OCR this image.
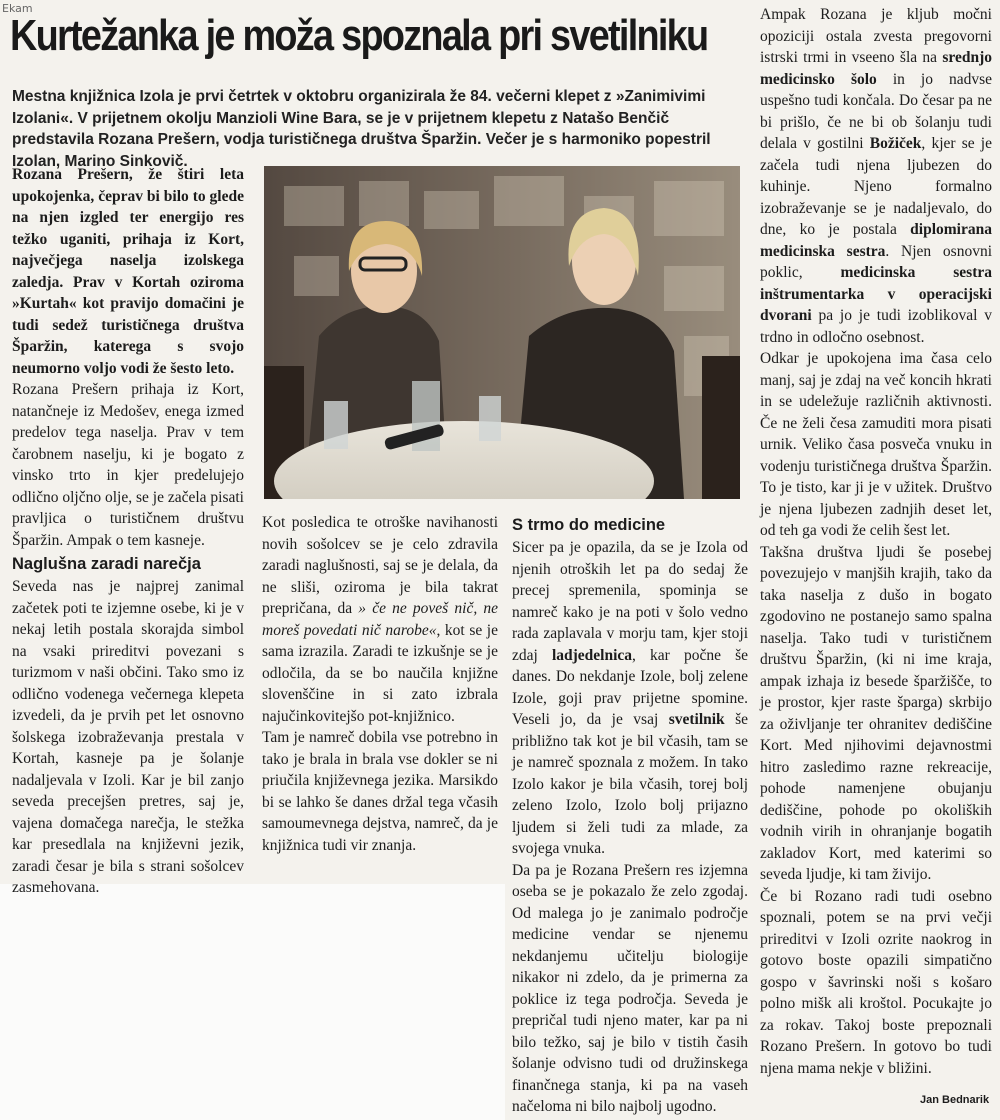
Ekam
Kurtežanka je moža spoznala pri svetilniku
Mestna knjižnica Izola je prvi četrtek v oktobru organizirala že 84. večerni klepet z »Zanimivimi Izolani«. V prijetnem okolju Manzioli Wine Bara, se je v prijetnem klepetu z Natašo Benčič predstavila Rozana Prešern, vodja turističnega društva Šparžin. Večer je s harmoniko popestril Izolan, Marino Sinkovič.

Rozana Prešern, že štiri leta upokojenka, čeprav bi bilo to glede na njen izgled ter energijo res težko uganiti, prihaja iz Kort, največjega naselja izolskega zaledja. Prav v Kortah oziroma »Kurtah« kot pravijo domačini je tudi sedež turističnega društva Šparžin, katerega s svojo neumorno voljo vodi že šesto leto.

Rozana Prešern prihaja iz Kort, natančneje iz Medošev, enega izmed predelov tega naselja. Prav v tem čarobnem naselju, ki je bogato z vinsko trto in kjer predelujejo odlično oljčno olje, se je začela pisati pravljica o turističnem društvu Šparžin. Ampak o tem kasneje.

Naglušna zaradi narečja

Seveda nas je najprej zanimal začetek poti te izjemne osebe, ki je v nekaj letih postala skorajda simbol na vsaki prireditvi povezani s turizmom v naši občini. Tako smo iz odlično vodenega večernega klepeta izvedeli, da je prvih pet let osnovno šolskega izobraževanja prestala v Kortah, kasneje pa je šolanje nadaljevala v Izoli. Kar je bil zanjo seveda precejšen pretres, saj je, vajena domačega narečja, le stežka kar presedlala na književni jezik, zaradi česar je bila s strani sošolcev zasmehovana.

Kot posledica te otroške navihanosti novih sošolcev se je celo zdravila zaradi naglušnosti, saj se je delala, da ne sliši, oziroma je bila takrat prepričana, da » če ne poveš nič, ne moreš povedati nič narobe«, kot se je sama izrazila. Zaradi te izkušnje se je odločila, da se bo naučila knjižne slovenščine in si zato izbrala najučinkovitejšo pot-knjižnico.

Tam je namreč dobila vse potrebno in tako je brala in brala vse dokler se ni priučila književnega jezika. Marsikdo bi se lahko še danes držal tega včasih samoumevnega dejstva, namreč, da je knjižnica tudi vir znanja.

S trmo do medicine

Sicer pa je opazila, da se je Izola od njenih otroških let pa do sedaj že precej spremenila, spominja se namreč kako je na poti v šolo vedno rada zaplavala v morju tam, kjer stoji zdaj ladjedelnica, kar počne še danes. Do nekdanje Izole, bolj zelene Izole, goji prav prijetne spomine. Veseli jo, da je vsaj svetilnik še približno tak kot je bil včasih, tam se je namreč spoznala z možem. In tako Izolo kakor je bila včasih, torej bolj zeleno Izolo, Izolo bolj prijazno ljudem si želi tudi za mlade, za svojega vnuka.

Da pa je Rozana Prešern res izjemna oseba se je pokazalo že zelo zgodaj. Od malega jo je zanimalo področje medicine vendar se njenemu nekdanjemu učitelju biologije nikakor ni zdelo, da je primerna za poklice iz tega področja. Seveda je prepričal tudi njeno mater, kar pa ni bilo težko, saj je bilo v tistih časih šolanje odvisno tudi od družinskega finančnega stanja, ki pa na vaseh načeloma ni bilo najbolj ugodno.

Ampak Rozana je kljub močni opoziciji ostala zvesta pregovorni istrski trmi in vseeno šla na srednjo medicinsko šolo in jo nadvse uspešno tudi končala. Do česar pa ne bi prišlo, če ne bi ob šolanju tudi delala v gostilni Božiček, kjer se je začela tudi njena ljubezen do kuhinje. Njeno formalno izobraževanje se je nadaljevalo, do dne, ko je postala diplomirana medicinska sestra. Njen osnovni poklic, medicinska sestra inštrumentarka v operacijski dvorani pa jo je tudi izoblikoval v trdno in odločno osebnost.

Odkar je upokojena ima časa celo manj, saj je zdaj na več koncih hkrati in se udeležuje različnih aktivnosti. Če ne želi česa zamuditi mora pisati urnik. Veliko časa posveča vnuku in vodenju turističnega društva Šparžin. To je tisto, kar ji je v užitek. Društvo je njena ljubezen zadnjih deset let, od teh ga vodi že celih šest let.

Takšna društva ljudi še posebej povezujejo v manjših krajih, tako da taka naselja z dušo in bogato zgodovino ne postanejo samo spalna naselja. Tako tudi v turističnem društvu Šparžin, (ki ni ime kraja, ampak izhaja iz besede šparžišče, to je prostor, kjer raste šparga) skrbijo za oživljanje ter ohranitev dediščine Kort. Med njihovimi dejavnostmi hitro zasledimo razne rekreacije, pohode namenjene obujanju dediščine, pohode po okoliških vodnih virih in ohranjanje bogatih zakladov Kort, med katerimi so seveda ljudje, ki tam živijo.

Če bi Rozano radi tudi osebno spoznali, potem se na prvi večji prireditvi v Izoli ozrite naokrog in gotovo boste opazili simpatično gospo v šavrinski noši s košaro polno mišk ali kroštol. Pocukajte jo za rokav. Takoj boste prepoznali Rozano Prešern. In gotovo bo tudi njena mama nekje v bližini.

Jan Bednarik
